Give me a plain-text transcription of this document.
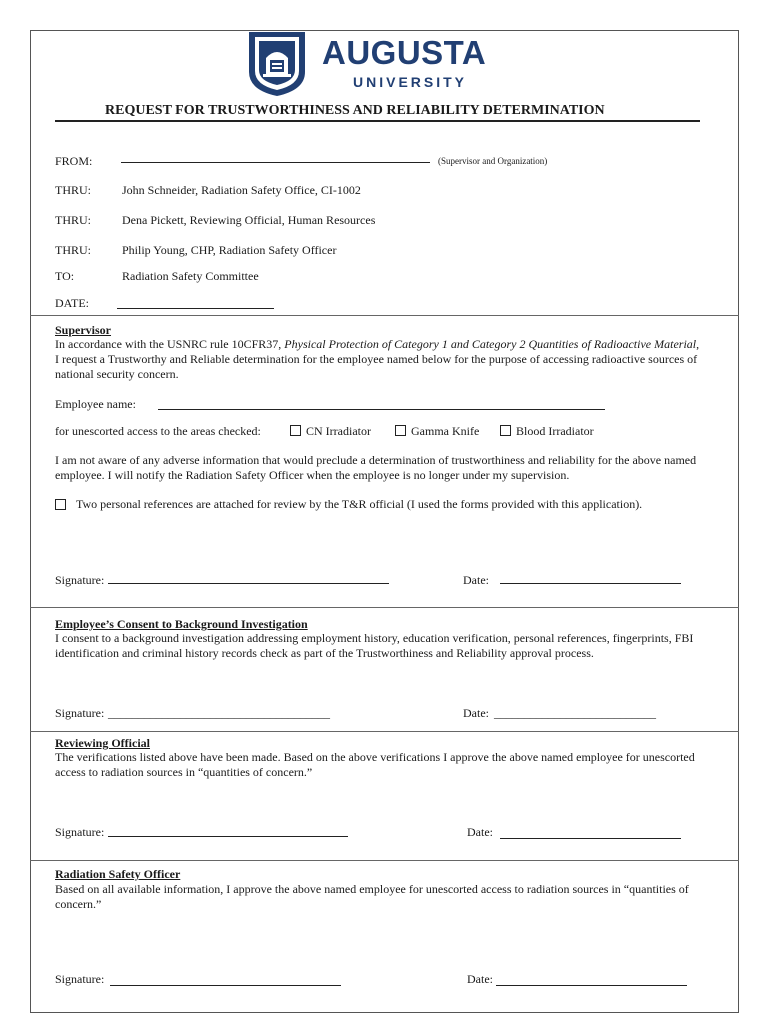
AUGUSTA
UNIVERSITY
REQUEST FOR TRUSTWORTHINESS AND RELIABILITY DETERMINATION
FROM:	(Supervisor and Organization)
THRU:	John Schneider, Radiation Safety Office, CI-1002
THRU:	Dena Pickett, Reviewing Official, Human Resources
THRU:	Philip Young, CHP, Radiation Safety Officer
TO:	Radiation Safety Committee
DATE:
Supervisor
In accordance with the USNRC rule 10CFR37, Physical Protection of Category 1 and Category 2 Quantities of Radioactive Material, I request a Trustworthy and Reliable determination for the employee named below for the purpose of accessing radioactive sources of national security concern.
Employee name:
for unescorted access to the areas checked:	CN Irradiator	Gamma Knife	Blood Irradiator
I am not aware of any adverse information that would preclude a determination of trustworthiness and reliability for the above named employee. I will notify the Radiation Safety Officer when the employee is no longer under my supervision.
Two personal references are attached for review by the T&R official (I used the forms provided with this application).
Signature:	Date:
Employee’s Consent to Background Investigation
I consent to a background investigation addressing employment history, education verification, personal references, fingerprints, FBI identification and criminal history records check as part of the Trustworthiness and Reliability approval process.
Signature: _____________________________________	Date: ___________________________
Reviewing Official
The verifications listed above have been made. Based on the above verifications I approve the above named employee for unescorted access to radiation sources in “quantities of concern.”
Signature:	Date:
Radiation Safety Officer
Based on all available information, I approve the above named employee for unescorted access to radiation sources in “quantities of concern.”
Signature:	Date:
